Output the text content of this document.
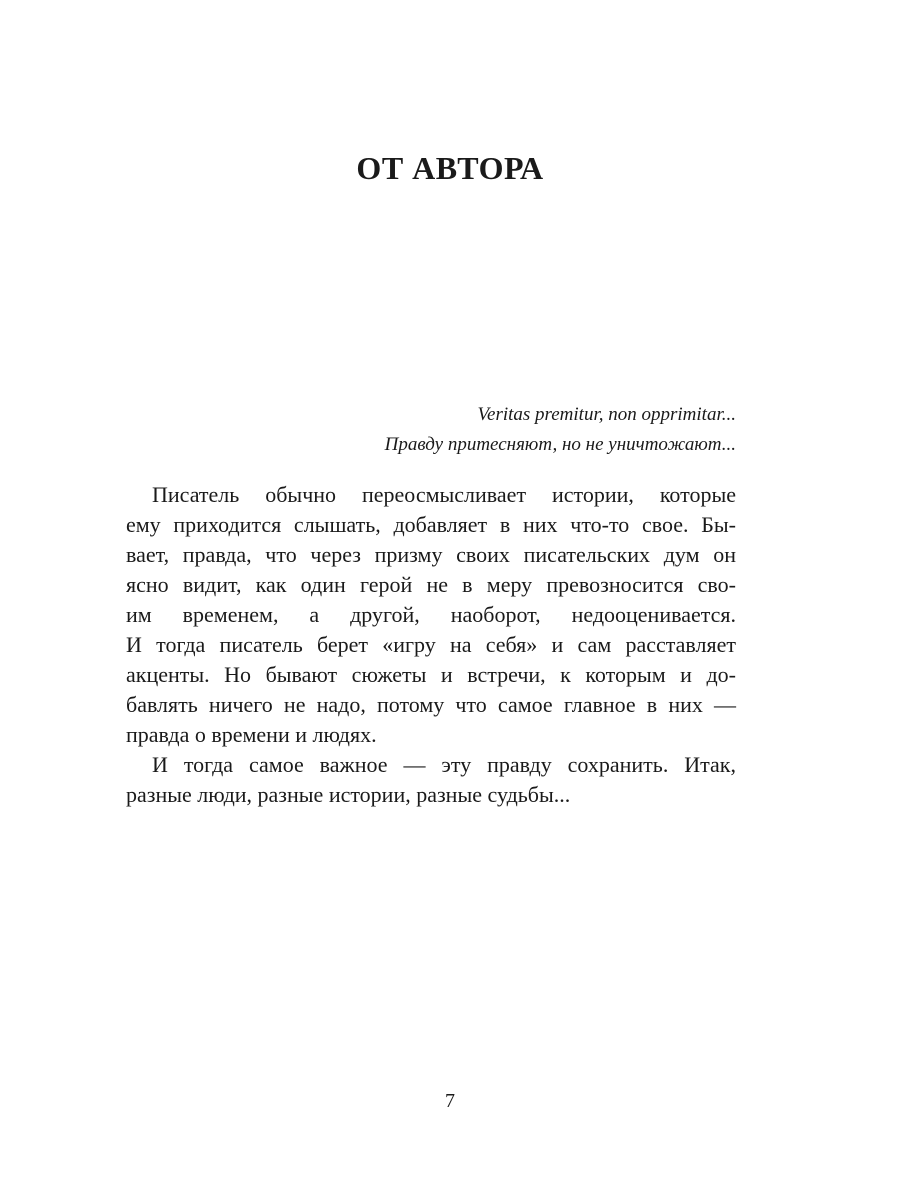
ОТ АВТОРА
Veritas premitur, non opprimitar...
Правду притесняют, но не уничтожают...
Писатель обычно переосмысливает истории, которые
ему приходится слышать, добавляет в них что-то свое. Бы-
вает, правда, что через призму своих писательских дум он
ясно видит, как один герой не в меру превозносится сво-
им временем, а другой, наоборот, недооценивается.
И тогда писатель берет «игру на себя» и сам расставляет
акценты. Но бывают сюжеты и встречи, к которым и до-
бавлять ничего не надо, потому что самое главное в них —
правда о времени и людях.
И тогда самое важное — эту правду сохранить. Итак,
разные люди, разные истории, разные судьбы...
7
